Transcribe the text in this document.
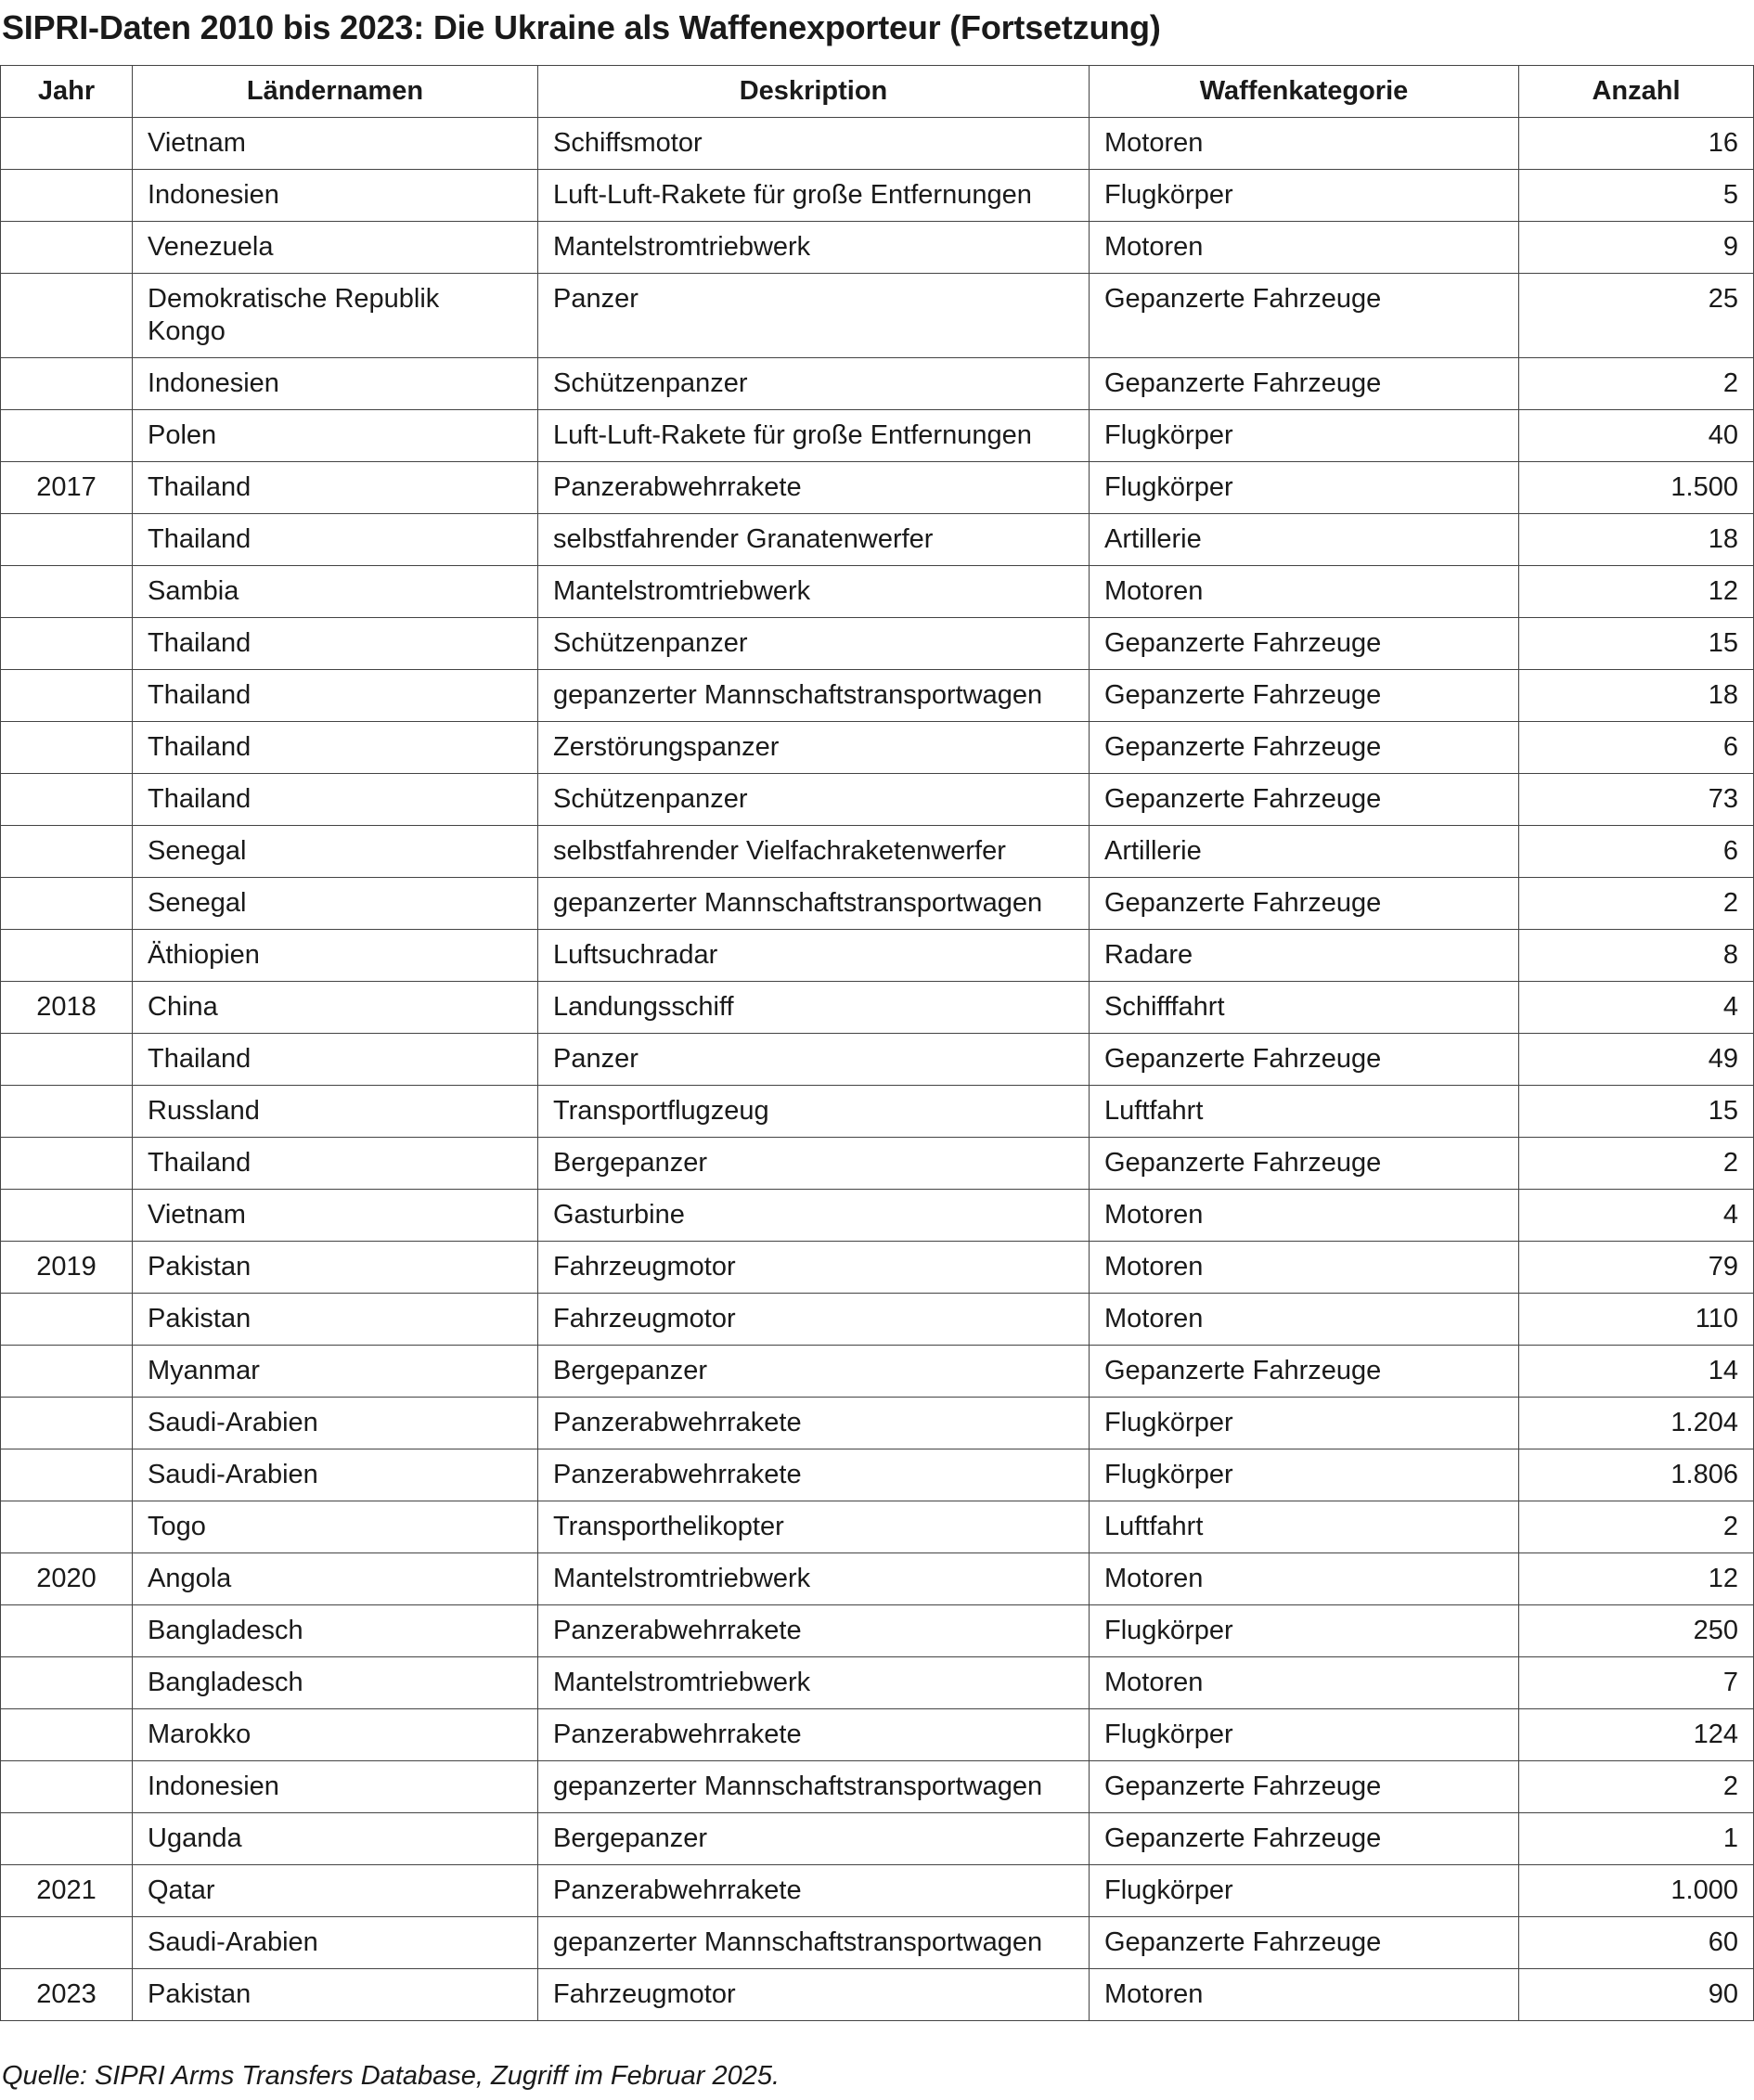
SIPRI-Daten 2010 bis 2023: Die Ukraine als Waffenexporteur (Fortsetzung)
Jahr	Ländernamen	Deskription	Waffenkategorie	Anzahl
	Vietnam	Schiffsmotor	Motoren	16
	Indonesien	Luft-Luft-Rakete für große Entfernungen	Flugkörper	5
	Venezuela	Mantelstromtriebwerk	Motoren	9
	Demokratische Republik Kongo	Panzer	Gepanzerte Fahrzeuge	25
	Indonesien	Schützenpanzer	Gepanzerte Fahrzeuge	2
	Polen	Luft-Luft-Rakete für große Entfernungen	Flugkörper	40
2017	Thailand	Panzerabwehrrakete	Flugkörper	1.500
	Thailand	selbstfahrender Granatenwerfer	Artillerie	18
	Sambia	Mantelstromtriebwerk	Motoren	12
	Thailand	Schützenpanzer	Gepanzerte Fahrzeuge	15
	Thailand	gepanzerter Mannschaftstransportwagen	Gepanzerte Fahrzeuge	18
	Thailand	Zerstörungspanzer	Gepanzerte Fahrzeuge	6
	Thailand	Schützenpanzer	Gepanzerte Fahrzeuge	73
	Senegal	selbstfahrender Vielfachraketenwerfer	Artillerie	6
	Senegal	gepanzerter Mannschaftstransportwagen	Gepanzerte Fahrzeuge	2
	Äthiopien	Luftsuchradar	Radare	8
2018	China	Landungsschiff	Schifffahrt	4
	Thailand	Panzer	Gepanzerte Fahrzeuge	49
	Russland	Transportflugzeug	Luftfahrt	15
	Thailand	Bergepanzer	Gepanzerte Fahrzeuge	2
	Vietnam	Gasturbine	Motoren	4
2019	Pakistan	Fahrzeugmotor	Motoren	79
	Pakistan	Fahrzeugmotor	Motoren	110
	Myanmar	Bergepanzer	Gepanzerte Fahrzeuge	14
	Saudi-Arabien	Panzerabwehrrakete	Flugkörper	1.204
	Saudi-Arabien	Panzerabwehrrakete	Flugkörper	1.806
	Togo	Transporthelikopter	Luftfahrt	2
2020	Angola	Mantelstromtriebwerk	Motoren	12
	Bangladesch	Panzerabwehrrakete	Flugkörper	250
	Bangladesch	Mantelstromtriebwerk	Motoren	7
	Marokko	Panzerabwehrrakete	Flugkörper	124
	Indonesien	gepanzerter Mannschaftstransportwagen	Gepanzerte Fahrzeuge	2
	Uganda	Bergepanzer	Gepanzerte Fahrzeuge	1
2021	Qatar	Panzerabwehrrakete	Flugkörper	1.000
	Saudi-Arabien	gepanzerter Mannschaftstransportwagen	Gepanzerte Fahrzeuge	60
2023	Pakistan	Fahrzeugmotor	Motoren	90
Quelle: SIPRI Arms Transfers Database, Zugriff im Februar 2025.
